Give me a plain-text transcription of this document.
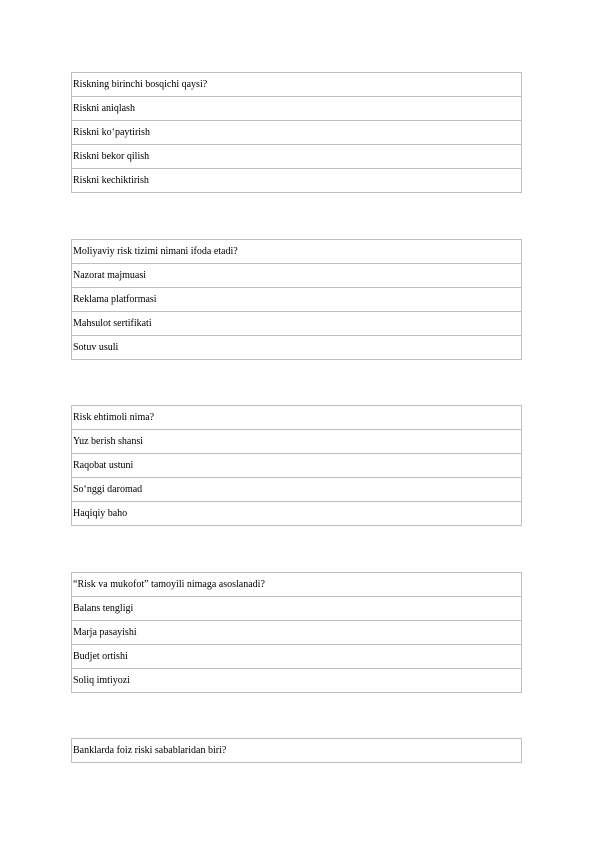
Riskning birinchi bosqichi qaysi?
Riskni aniqlash
Riskni ko‘paytirish
Riskni bekor qilish
Riskni kechiktirish
Moliyaviy risk tizimi nimani ifoda etadi?
Nazorat majmuasi
Reklama platformasi
Mahsulot sertifikati
Sotuv usuli
Risk ehtimoli nima?
Yuz berish shansi
Raqobat ustuni
So‘nggi daromad
Haqiqiy baho
“Risk va mukofot” tamoyili nimaga asoslanadi?
Balans tengligi
Marja pasayishi
Budjet ortishi
Soliq imtiyozi
Banklarda foiz riski sabablaridan biri?
